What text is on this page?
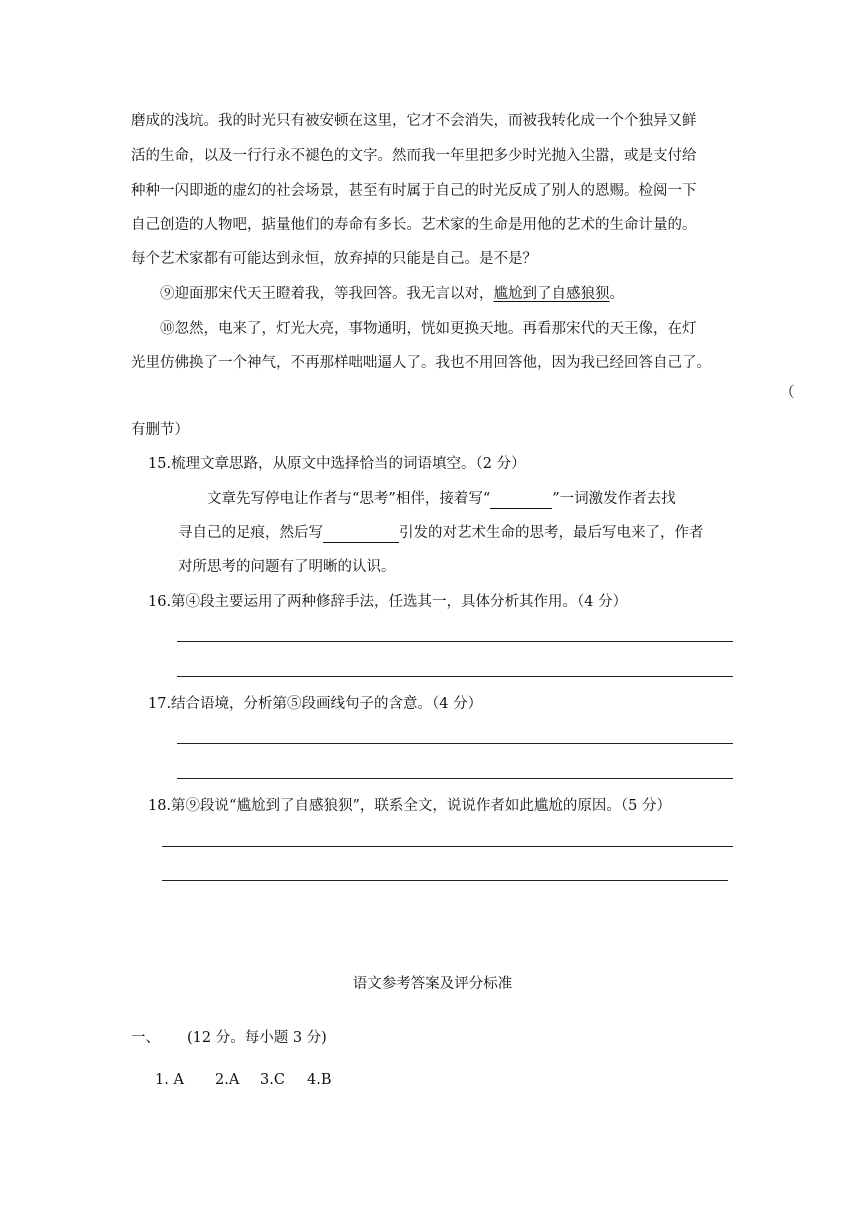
磨成的浅坑。我的时光只有被安顿在这里，它才不会消失，而被我转化成一个个独异又鲜
活的生命，以及一行行永不褪色的文字。然而我一年里把多少时光抛入尘嚣，或是支付给
种种一闪即逝的虚幻的社会场景，甚至有时属于自己的时光反成了别人的恩赐。检阅一下
自己创造的人物吧，掂量他们的寿命有多长。艺术家的生命是用他的艺术的生命计量的。
每个艺术家都有可能达到永恒，放弃掉的只能是自己。是不是？
⑨迎面那宋代天王瞪着我，等我回答。我无言以对，尴尬到了自感狼狈。
⑩忽然，电来了，灯光大亮，事物通明，恍如更换天地。再看那宋代的天王像，在灯
光里仿佛换了一个神气，不再那样咄咄逼人了。我也不用回答他，因为我已经回答自己了。
（
有删节）
15.梳理文章思路，从原文中选择恰当的词语填空。（2 分）
文章先写停电让作者与“思考”相伴，接着写“	”一词激发作者去找
寻自己的足痕，然后写	引发的对艺术生命的思考，最后写电来了，作者
对所思考的问题有了明晰的认识。
16.第④段主要运用了两种修辞手法，任选其一，具体分析其作用。（4 分）
17.结合语境，分析第⑤段画线句子的含意。（4 分）
18.第⑨段说“尴尬到了自感狼狈”，联系全文，说说作者如此尴尬的原因。（5 分）
语文参考答案及评分标准
一、 (12 分。每小题 3 分)
1. A 2.A 3.C 4.B
